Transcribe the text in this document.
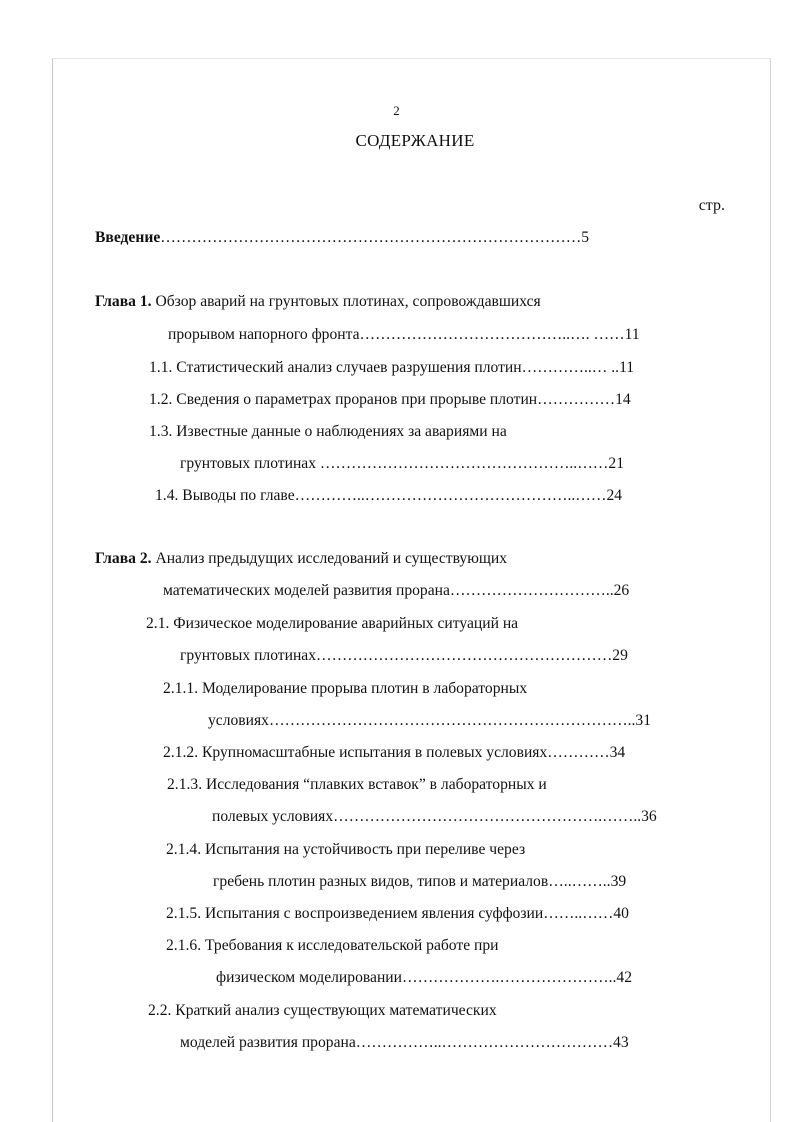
2
СОДЕРЖАНИЕ
стр.
Введение………………………………………………………………………5
Глава 1. Обзор аварий на грунтовых плотинах, сопровождавшихся
прорывом напорного фронта…………………………………..…. ……11
1.1. Статистический анализ случаев разрушения плотин…………..… ..11
1.2. Сведения о параметрах проранов при прорыве плотин……………14
1.3. Известные данные о наблюдениях за авариями на
грунтовых плотинах …………………………………………..……21
1.4. Выводы по главе…………..…………………………………..……24
Глава 2. Анализ предыдущих исследований и существующих
математических моделей развития прорана…………………………..26
2.1. Физическое моделирование аварийных ситуаций на
грунтовых плотинах…………………………………………………29
2.1.1. Моделирование прорыва плотин в лабораторных
условиях……………………………………………………………..31
2.1.2. Крупномасштабные испытания в полевых условиях…………34
2.1.3. Исследования “плавких вставок” в лабораторных и
полевых условиях…………………………………………….……..36
2.1.4. Испытания на устойчивость при переливе через
гребень плотин разных видов, типов и материалов…..……..39
2.1.5. Испытания с воспроизведением явления суффозии……..……40
2.1.6. Требования к исследовательской работе при
физическом моделировании……………….…………………..42
2.2. Краткий анализ существующих математических
моделей развития прорана……………..……………………………43
